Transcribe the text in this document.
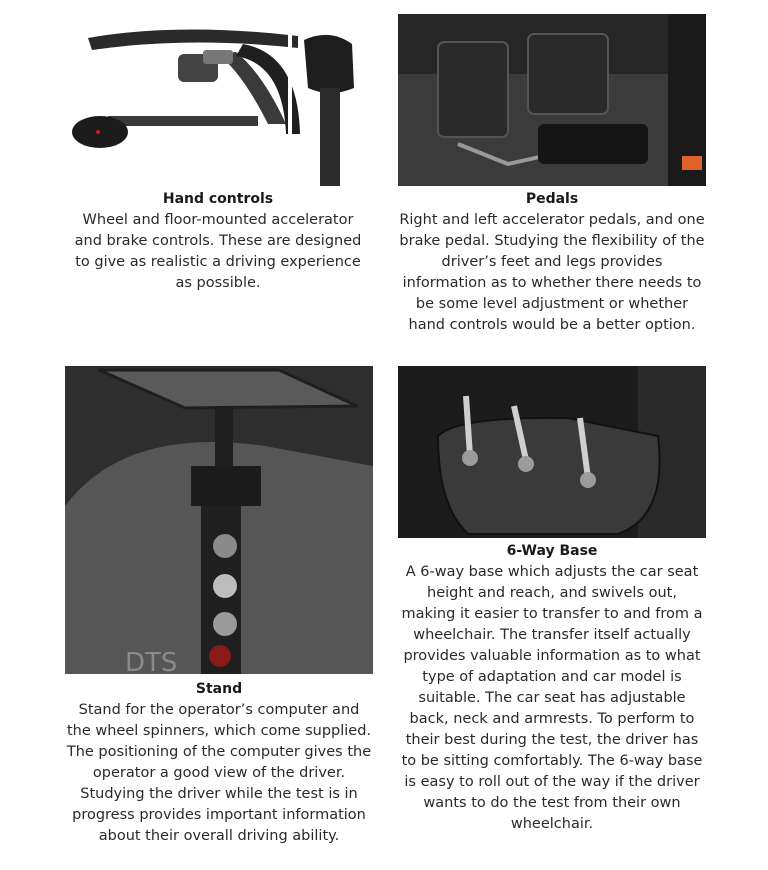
Hand controls
Wheel and floor-mounted accelerator and brake controls. These are designed to give as realistic a driving experience as possible.
Pedals
Right and left accelerator pedals, and one brake pedal. Studying the flexibility of the driver’s feet and legs provides information as to whether there needs to be some level adjustment or whether hand controls would be a better option.
DTS
Stand
Stand for the operator’s computer and the wheel spinners, which come supplied. The positioning of the computer gives the operator a good view of the driver. Studying the driver while the test is in progress provides important information about their overall driving ability.
6-Way Base
A 6-way base which adjusts the car seat height and reach, and swivels out, making it easier to transfer to and from a wheelchair. The transfer itself actually provides valuable information as to what type of adaptation and car model is suitable. The car seat has adjustable back, neck and armrests. To perform to their best during the test, the driver has to be sitting comfortably. The 6-way base is easy to roll out of the way if the driver wants to do the test from their own wheelchair.
